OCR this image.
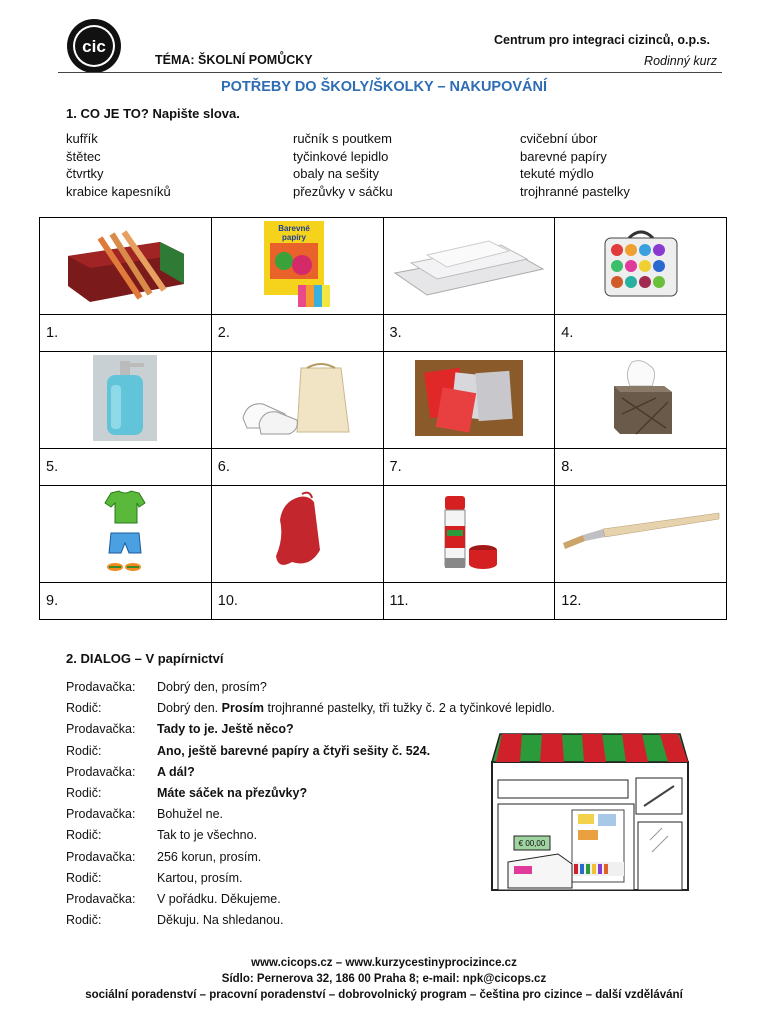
cic
TÉMA: ŠKOLNÍ POMŮCKY
Centrum pro integraci cizinců, o.p.s.
Rodinný kurz
POTŘEBY DO ŠKOLY/ŠKOLKY – NAKUPOVÁNÍ
1. CO JE TO? Napište slova.
kufřík
štětec
čtvrtky
krabice kapesníků
ručník s poutkem
tyčinkové lepidlo
obaly na sešity
přezůvky v sáčku
cvičební úbor
barevné papíry
tekuté mýdlo
trojhranné pastelky

Barevné
papíry

1.	2.	3.	4.

5.	6.	7.	8.

9.	10.	11.	12.
2. DIALOG – V papírnictví
Prodavačka:	Dobrý den, prosím?
Rodič:	Dobrý den. Prosím trojhranné pastelky, tři tužky č. 2 a tyčinkové lepidlo.
Prodavačka:	Tady to je. Ještě něco?
Rodič:	Ano, ještě barevné papíry a čtyři sešity č. 524.
Prodavačka:	A dál?
Rodič:	Máte sáček na přezůvky?
Prodavačka:	Bohužel ne.
Rodič:	Tak to je všechno.
Prodavačka:	256 korun, prosím.
Rodič:	Kartou, prosím.
Prodavačka:	V pořádku. Děkujeme.
Rodič:	Děkuju. Na shledanou.
€ 00,00
www.cicops.cz – www.kurzycestinyprocizince.cz
Sídlo: Pernerova 32, 186 00 Praha 8; e-mail: npk@cicops.cz
sociální poradenství – pracovní poradenství – dobrovolnický program – čeština pro cizince – další vzdělávání
